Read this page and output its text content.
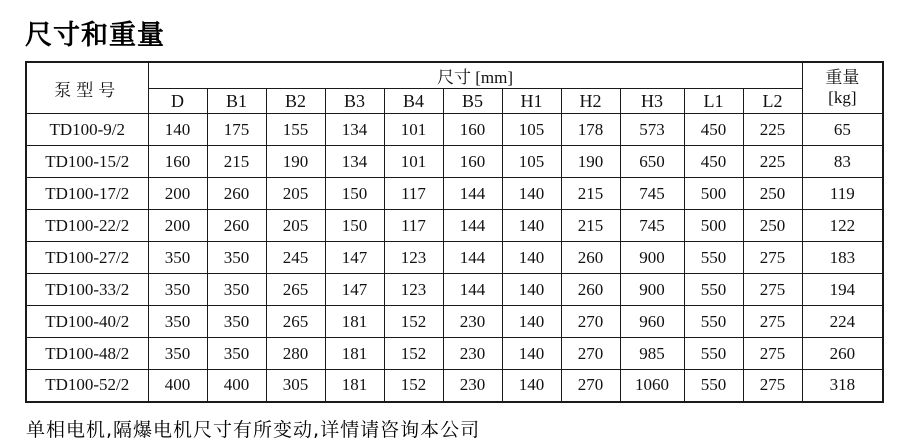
尺寸和重量
泵型号	尺寸 [mm]											重量
[kg]

	D	B1	B2	B3	B4	B5	H1	H2	H3	L1	L2	
TD100-9/2	140	175	155	134	101	160	105	178	573	450	225	65
TD100-15/2	160	215	190	134	101	160	105	190	650	450	225	83
TD100-17/2	200	260	205	150	117	144	140	215	745	500	250	119
TD100-22/2	200	260	205	150	117	144	140	215	745	500	250	122
TD100-27/2	350	350	245	147	123	144	140	260	900	550	275	183
TD100-33/2	350	350	265	147	123	144	140	260	900	550	275	194
TD100-40/2	350	350	265	181	152	230	140	270	960	550	275	224
TD100-48/2	350	350	280	181	152	230	140	270	985	550	275	260
TD100-52/2	400	400	305	181	152	230	140	270	1060	550	275	318

单相电机,隔爆电机尺寸有所变动,详情请咨询本公司
